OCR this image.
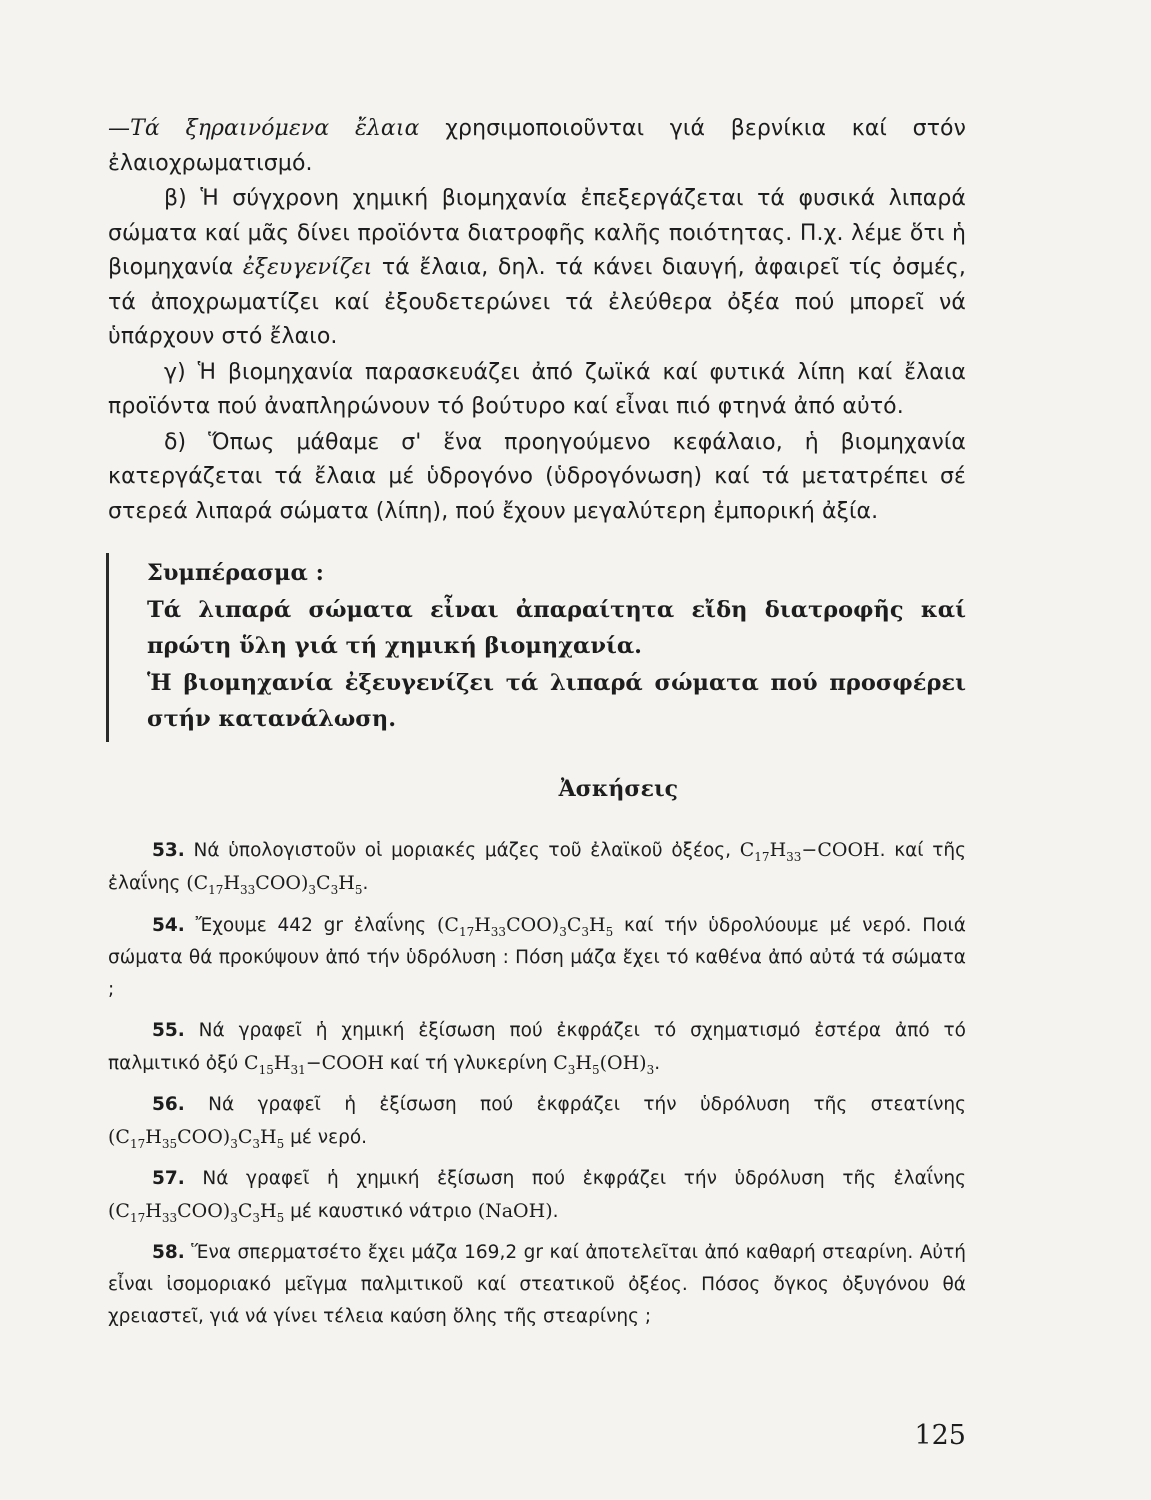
—Τά ξηραινόμενα ἔλαια χρησιμοποιοῦνται γιά βερνίκια καί στόν ἐλαιοχρωματισμό.

β) Ἡ σύγχρονη χημική βιομηχανία ἐπεξεργάζεται τά φυσικά λιπαρά σώματα καί μᾶς δίνει προϊόντα διατροφῆς καλῆς ποιότητας. Π.χ. λέμε ὅτι ἡ βιομηχανία ἐξευγενίζει τά ἔλαια, δηλ. τά κάνει διαυγή, ἀφαιρεῖ τίς ὀσμές, τά ἀποχρωματίζει καί ἐξουδετερώνει τά ἐλεύθερα ὀξέα πού μπορεῖ νά ὑπάρχουν στό ἔλαιο.

γ) Ἡ βιομηχανία παρασκευάζει ἀπό ζωϊκά καί φυτικά λίπη καί ἔλαια προϊόντα πού ἀναπληρώνουν τό βούτυρο καί εἶναι πιό φτηνά ἀπό αὐτό.

δ) Ὅπως μάθαμε σ' ἕνα προηγούμενο κεφάλαιο, ἡ βιομηχανία κατεργάζεται τά ἔλαια μέ ὑδρογόνο (ὑδρογόνωση) καί τά μετατρέπει σέ στερεά λιπαρά σώματα (λίπη), πού ἔχουν μεγαλύτερη ἐμπορική ἀξία.

Συμπέρασμα :

Τά λιπαρά σώματα εἶναι ἀπαραίτητα εἴδη διατροφῆς καί πρώτη ὕλη γιά τή χημική βιομηχανία.

Ἡ βιομηχανία ἐξευγενίζει τά λιπαρά σώματα πού προσφέρει στήν κατανάλωση.

Ἀσκήσεις

53. Νά ὑπολογιστοῦν οἱ μοριακές μάζες τοῦ ἐλαϊκοῦ ὀξέος, $C_{17}H_{33}-COOH$. καί τῆς ἐλαΐνης $(C_{17}H_{33}COO)_3C_3H_5$.

54. Ἔχουμε 442 gr ἐλαΐνης $(C_{17}H_{33}COO)_3C_3H_5$ καί τήν ὑδρολύουμε μέ νερό. Ποιά σώματα θά προκύψουν ἀπό τήν ὑδρόλυση : Πόση μάζα ἔχει τό καθένα ἀπό αὐτά τά σώματα ;

55. Νά γραφεῖ ἡ χημική ἐξίσωση πού ἐκφράζει τό σχηματισμό ἐστέρα ἀπό τό παλμιτικό ὀξύ $C_{15}H_{31}-COOH$ καί τή γλυκερίνη $C_3H_5(OH)_3$.

56. Νά γραφεῖ ἡ ἐξίσωση πού ἐκφράζει τήν ὑδρόλυση τῆς στεατίνης $(C_{17}H_{35}COO)_3C_3H_5$ μέ νερό.

57. Νά γραφεῖ ἡ χημική ἐξίσωση πού ἐκφράζει τήν ὑδρόλυση τῆς ἐλαΐνης $(C_{17}H_{33}COO)_3C_3H_5$ μέ καυστικό νάτριο (NaOH).

58. Ἕνα σπερματσέτο ἔχει μάζα 169,2 gr καί ἀποτελεῖται ἀπό καθαρή στεαρίνη. Αὐτή εἶναι ἰσομοριακό μεῖγμα παλμιτικοῦ καί στεατικοῦ ὀξέος. Πόσος ὄγκος ὀξυγόνου θά χρειαστεῖ, γιά νά γίνει τέλεια καύση ὅλης τῆς στεαρίνης ;

125
